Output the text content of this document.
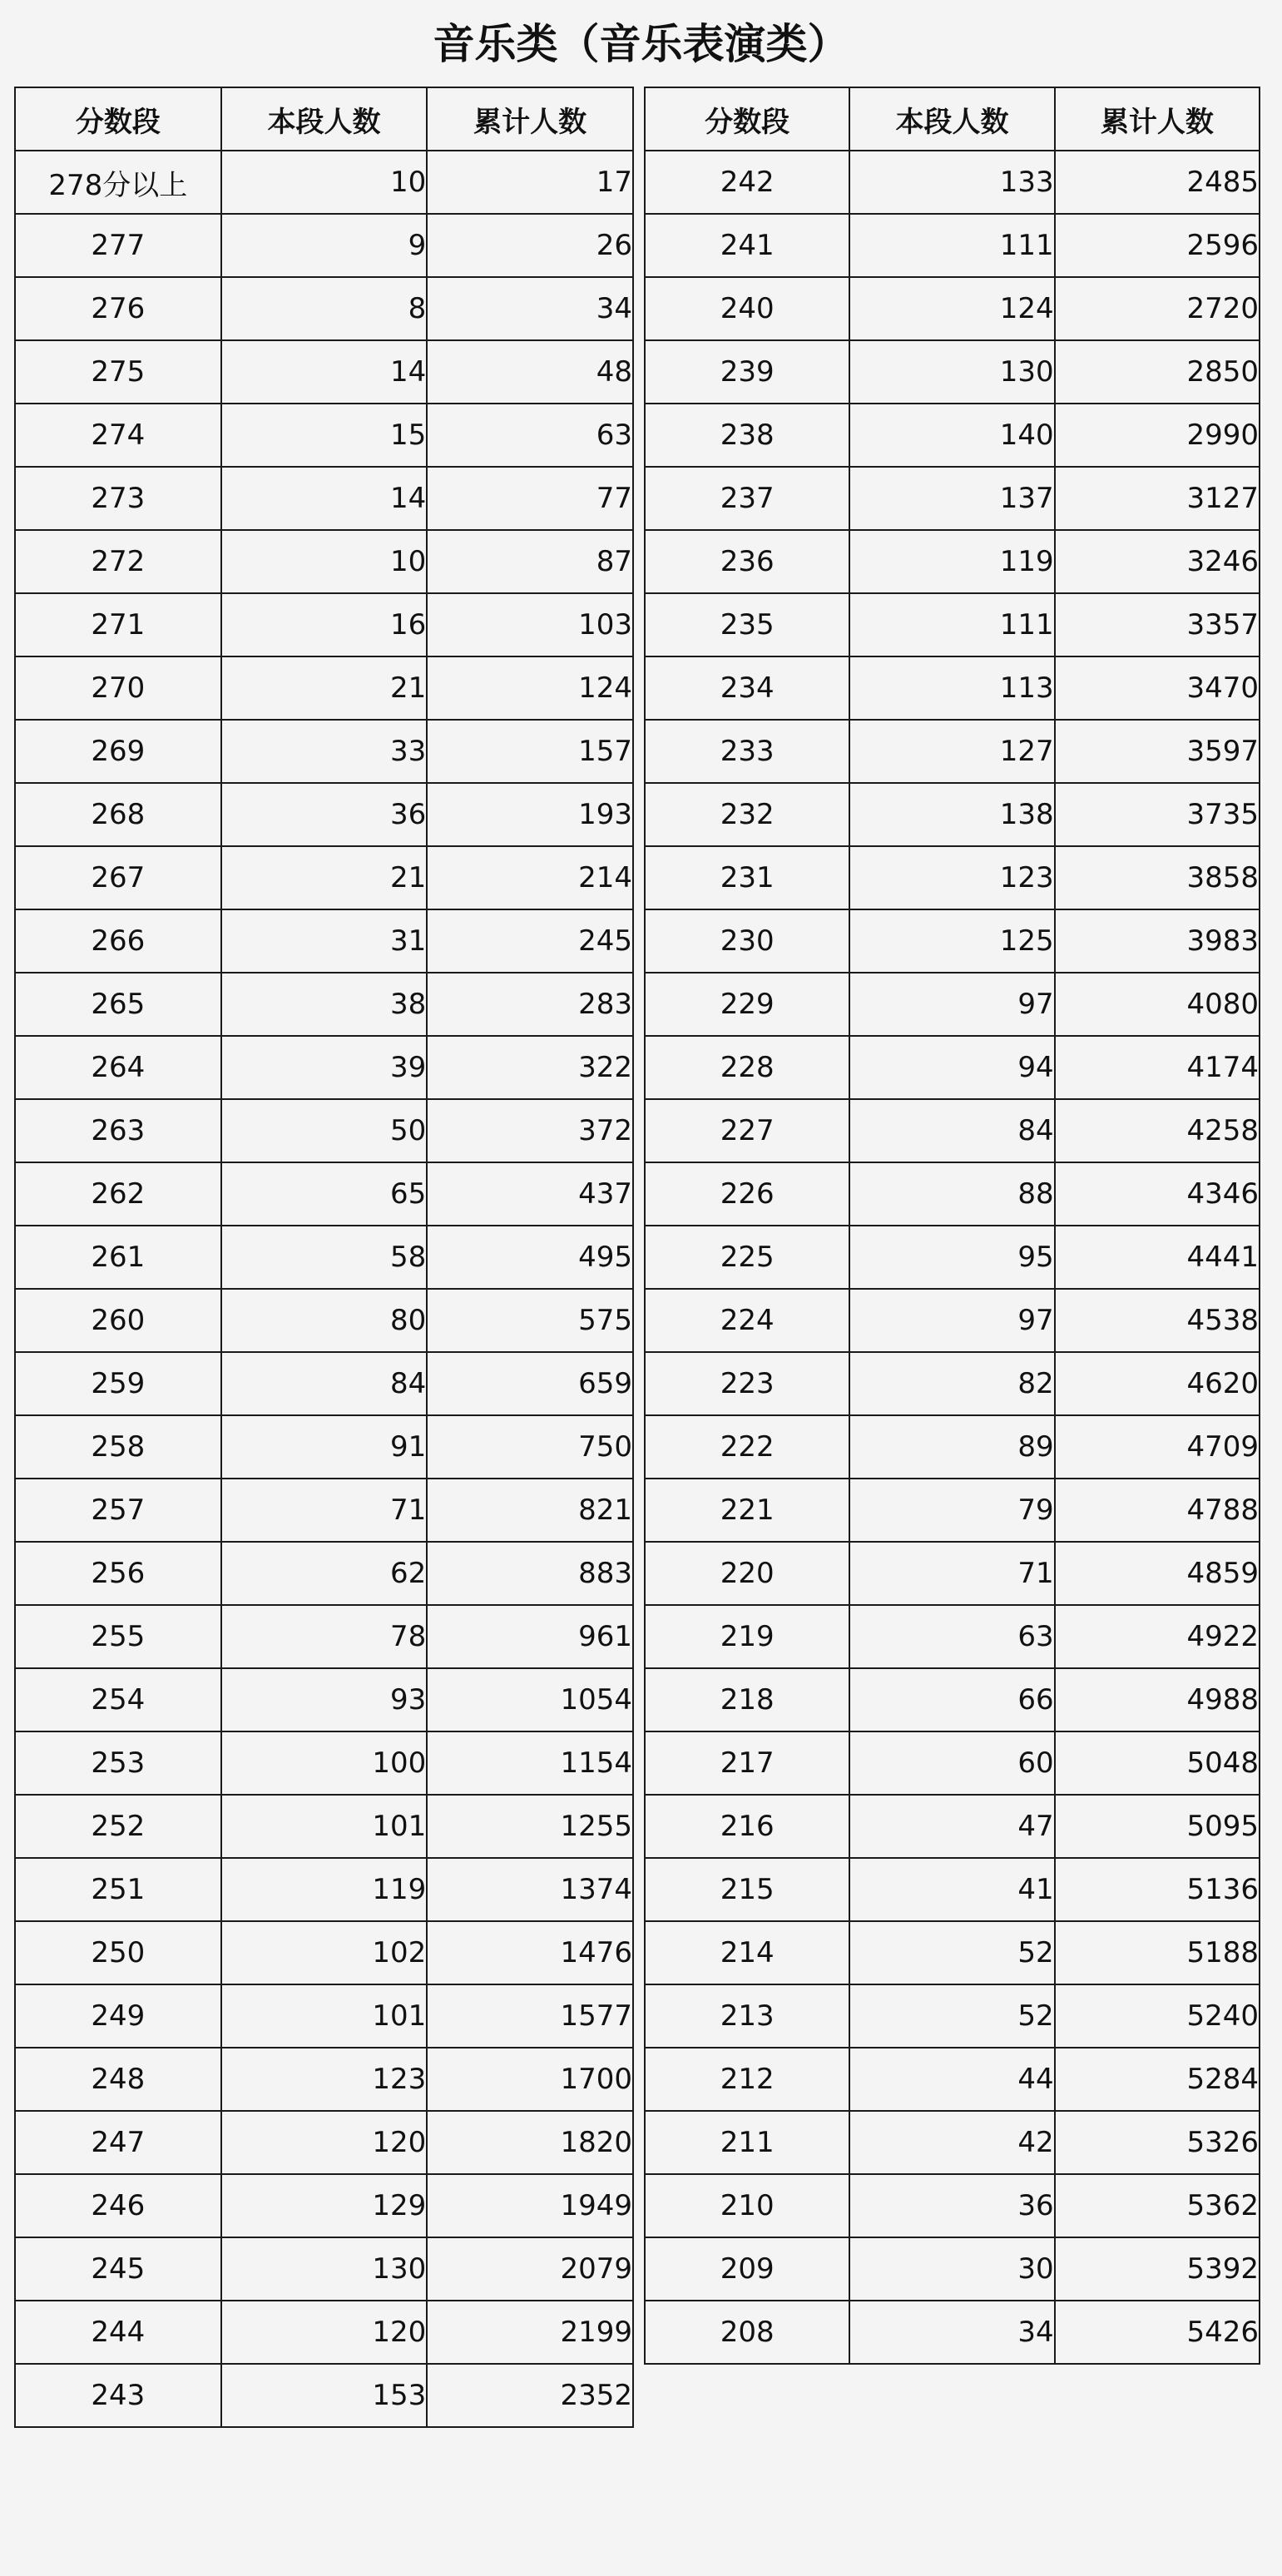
音乐类（音乐表演类）
分数段	本段人数	累计人数
278分以上	10	17
277	9	26
276	8	34
275	14	48
274	15	63
273	14	77
272	10	87
271	16	103
270	21	124
269	33	157
268	36	193
267	21	214
266	31	245
265	38	283
264	39	322
263	50	372
262	65	437
261	58	495
260	80	575
259	84	659
258	91	750
257	71	821
256	62	883
255	78	961
254	93	1054
253	100	1154
252	101	1255
251	119	1374
250	102	1476
249	101	1577
248	123	1700
247	120	1820
246	129	1949
245	130	2079
244	120	2199
243	153	2352
分数段	本段人数	累计人数
242	133	2485
241	111	2596
240	124	2720
239	130	2850
238	140	2990
237	137	3127
236	119	3246
235	111	3357
234	113	3470
233	127	3597
232	138	3735
231	123	3858
230	125	3983
229	97	4080
228	94	4174
227	84	4258
226	88	4346
225	95	4441
224	97	4538
223	82	4620
222	89	4709
221	79	4788
220	71	4859
219	63	4922
218	66	4988
217	60	5048
216	47	5095
215	41	5136
214	52	5188
213	52	5240
212	44	5284
211	42	5326
210	36	5362
209	30	5392
208	34	5426
